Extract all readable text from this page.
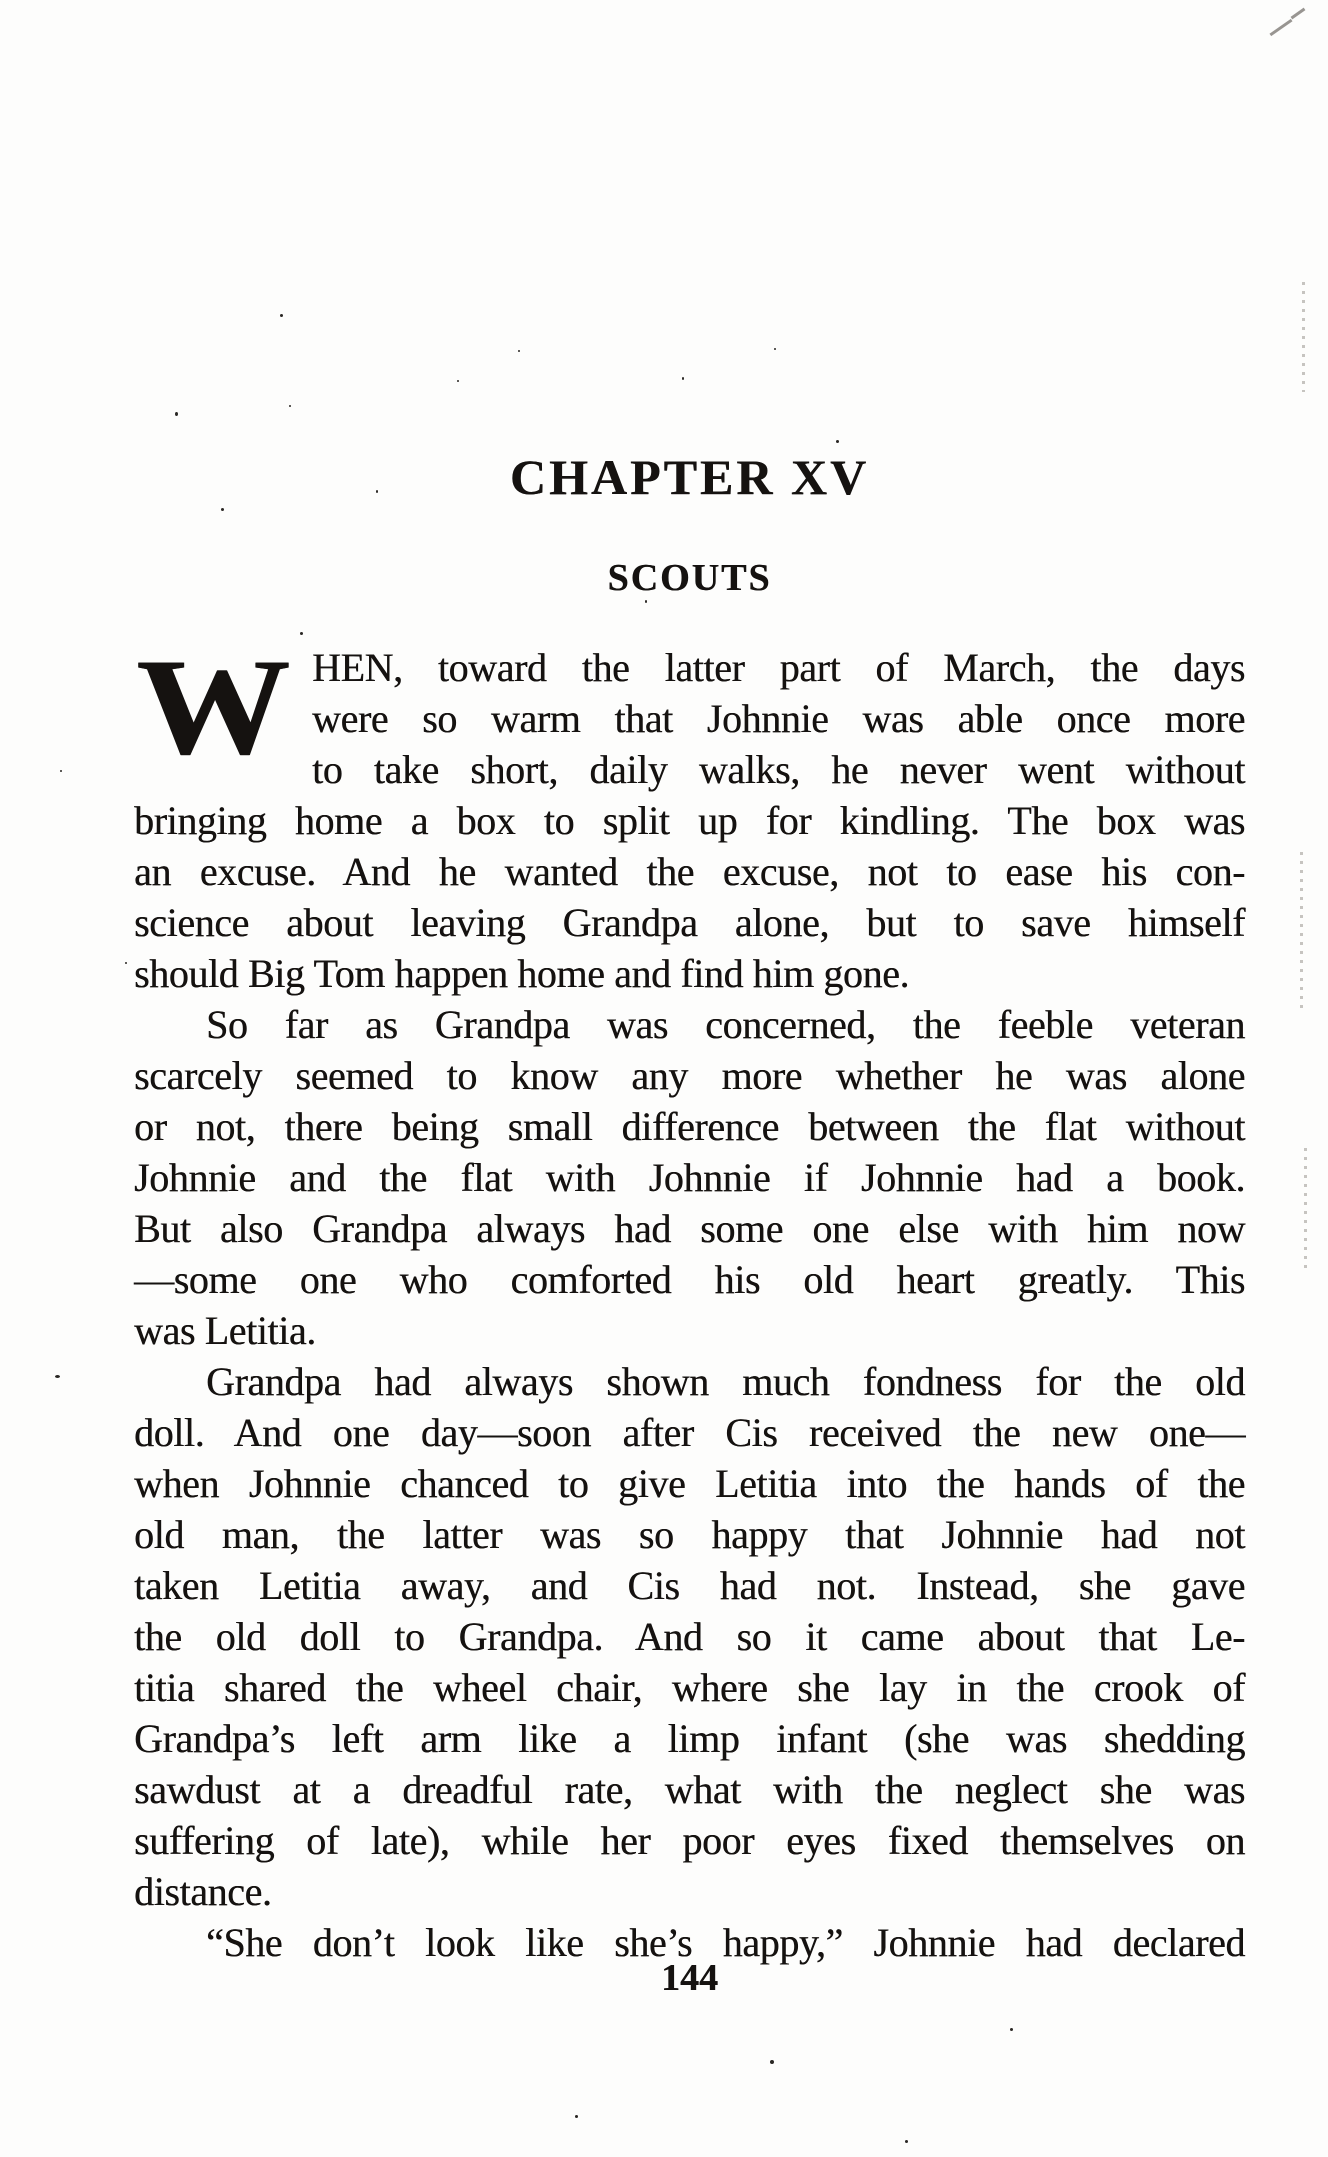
CHAPTER XV
SCOUTS
W HEN, toward the latter part of March, the days
were so warm that Johnnie was able once more
to take short, daily walks, he never went without
bringing home a box to split up for kindling. The box was
an excuse. And he wanted the excuse, not to ease his con-
science about leaving Grandpa alone, but to save himself
should Big Tom happen home and find him gone.
So far as Grandpa was concerned, the feeble veteran
scarcely seemed to know any more whether he was alone
or not, there being small difference between the flat without
Johnnie and the flat with Johnnie if Johnnie had a book.
But also Grandpa always had some one else with him now
—some one who comforted his old heart greatly. This
was Letitia.
Grandpa had always shown much fondness for the old
doll. And one day—soon after Cis received the new one—
when Johnnie chanced to give Letitia into the hands of the
old man, the latter was so happy that Johnnie had not
taken Letitia away, and Cis had not. Instead, she gave
the old doll to Grandpa. And so it came about that Le-
titia shared the wheel chair, where she lay in the crook of
Grandpa’s left arm like a limp infant (she was shedding
sawdust at a dreadful rate, what with the neglect she was
suffering of late), while her poor eyes fixed themselves on
distance.
“She don’t look like she’s happy,” Johnnie had declared
144
